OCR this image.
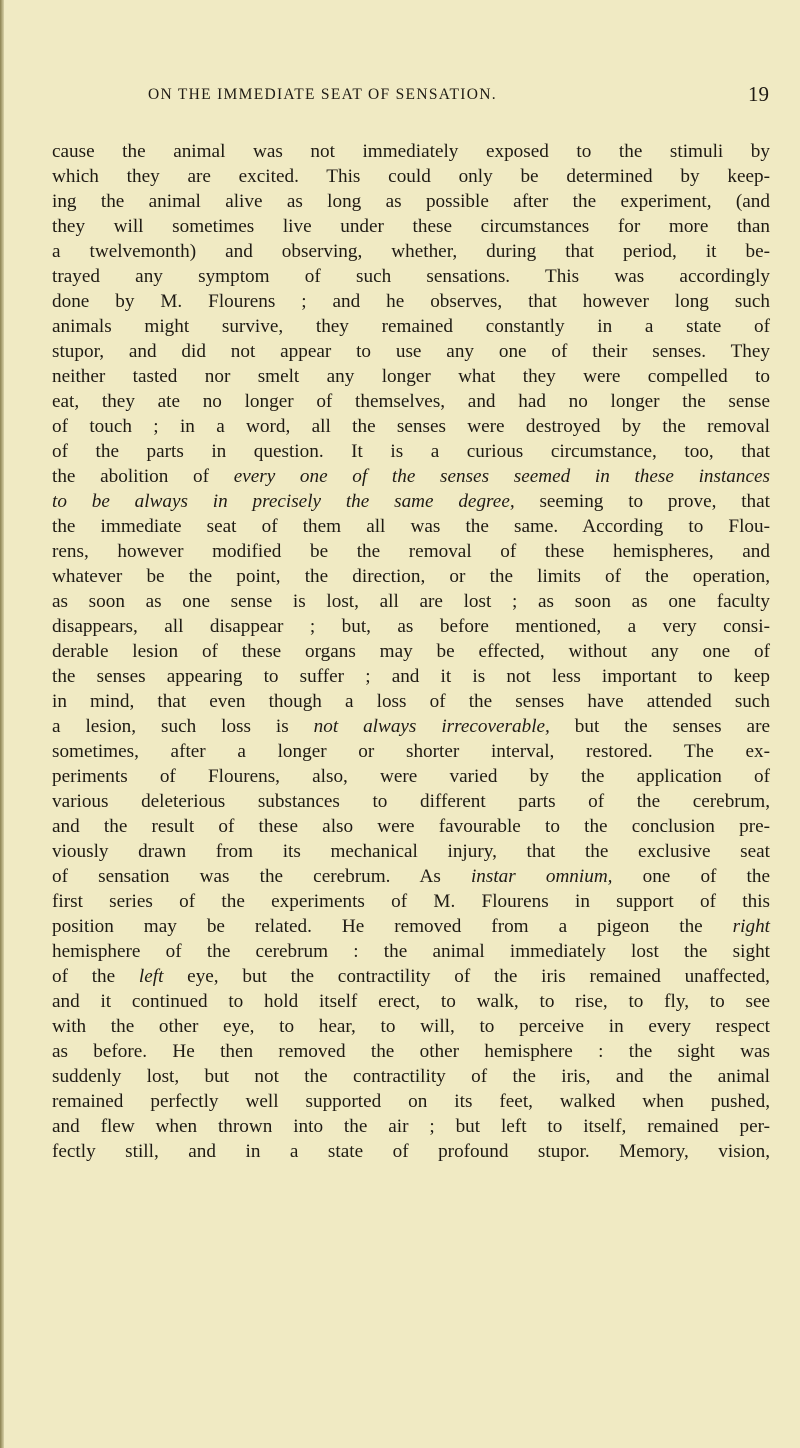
ON THE IMMEDIATE SEAT OF SENSATION.	19
cause the animal was not immediately exposed to the stimuli by
which they are excited. This could only be determined by keep-
ing the animal alive as long as possible after the experiment, (and
they will sometimes live under these circumstances for more than
a twelvemonth) and observing, whether, during that period, it be-
trayed any symptom of such sensations. This was accordingly
done by M. Flourens ; and he observes, that however long such
animals might survive, they remained constantly in a state of
stupor, and did not appear to use any one of their senses. They
neither tasted nor smelt any longer what they were compelled to
eat, they ate no longer of themselves, and had no longer the sense
of touch ; in a word, all the senses were destroyed by the removal
of the parts in question. It is a curious circumstance, too, that
the abolition of every one of the senses seemed in these instances
to be always in precisely the same degree, seeming to prove, that
the immediate seat of them all was the same. According to Flou-
rens, however modified be the removal of these hemispheres, and
whatever be the point, the direction, or the limits of the operation,
as soon as one sense is lost, all are lost ; as soon as one faculty
disappears, all disappear ; but, as before mentioned, a very consi-
derable lesion of these organs may be effected, without any one of
the senses appearing to suffer ; and it is not less important to keep
in mind, that even though a loss of the senses have attended such
a lesion, such loss is not always irrecoverable, but the senses are
sometimes, after a longer or shorter interval, restored. The ex-
periments of Flourens, also, were varied by the application of
various deleterious substances to different parts of the cerebrum,
and the result of these also were favourable to the conclusion pre-
viously drawn from its mechanical injury, that the exclusive seat
of sensation was the cerebrum. As instar omnium, one of the
first series of the experiments of M. Flourens in support of this
position may be related. He removed from a pigeon the right
hemisphere of the cerebrum : the animal immediately lost the sight
of the left eye, but the contractility of the iris remained unaffected,
and it continued to hold itself erect, to walk, to rise, to fly, to see
with the other eye, to hear, to will, to perceive in every respect
as before. He then removed the other hemisphere : the sight was
suddenly lost, but not the contractility of the iris, and the animal
remained perfectly well supported on its feet, walked when pushed,
and flew when thrown into the air ; but left to itself, remained per-
fectly still, and in a state of profound stupor. Memory, vision,
